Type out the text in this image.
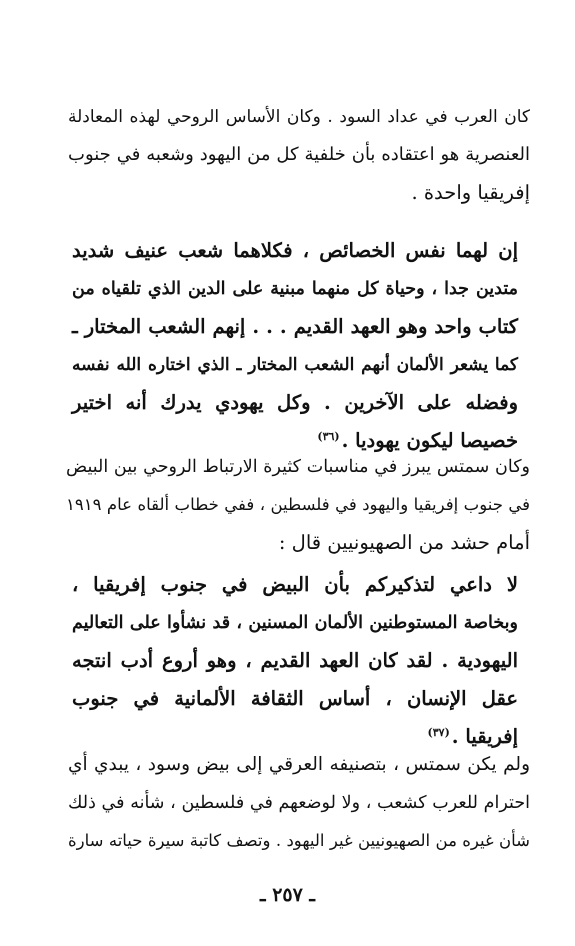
كان العرب في عداد السود . وكان الأساس الروحي لهذه المعادلة
العنصرية هو اعتقاده بأن خلفية كل من اليهود وشعبه في جنوب
إفريقيا واحدة .
إن لهما نفس الخصائص ، فكلاهما شعب عنيف شديد
متدين جدا ، وحياة كل منهما مبنية على الدين الذي تلقياه من
كتاب واحد وهو العهد القديم . . . إنهم الشعب المختار ـ
كما يشعر الألمان أنهم الشعب المختار ـ الذي اختاره الله نفسه
وفضله على الآخرين . وكل يهودي يدرك أنه اختير
خصيصا ليكون يهوديا .$^{(٣٦)}$
وكان سمتس يبرز في مناسبات كثيرة الارتباط الروحي بين البيض
في جنوب إفريقيا واليهود في فلسطين ، ففي خطاب ألقاه عام ١٩١٩
أمام حشد من الصهيونيين قال :
لا داعي لتذكيركم بأن البيض في جنوب إفريقيا ،
وبخاصة المستوطنين الألمان المسنين ، قد نشأوا على التعاليم
اليهودية . لقد كان العهد القديم ، وهو أروع أدب انتجه
عقل الإنسان ، أساس الثقافة الألمانية في جنوب
إفريقيا .$^{(٣٧)}$
ولم يكن سمتس ، بتصنيفه العرقي إلى بيض وسود ، يبدي أي
احترام للعرب كشعب ، ولا لوضعهم في فلسطين ، شأنه في ذلك
شأن غيره من الصهيونيين غير اليهود . وتصف كاتبة سيرة حياته سارة
ـ ٢٥٧ ـ
